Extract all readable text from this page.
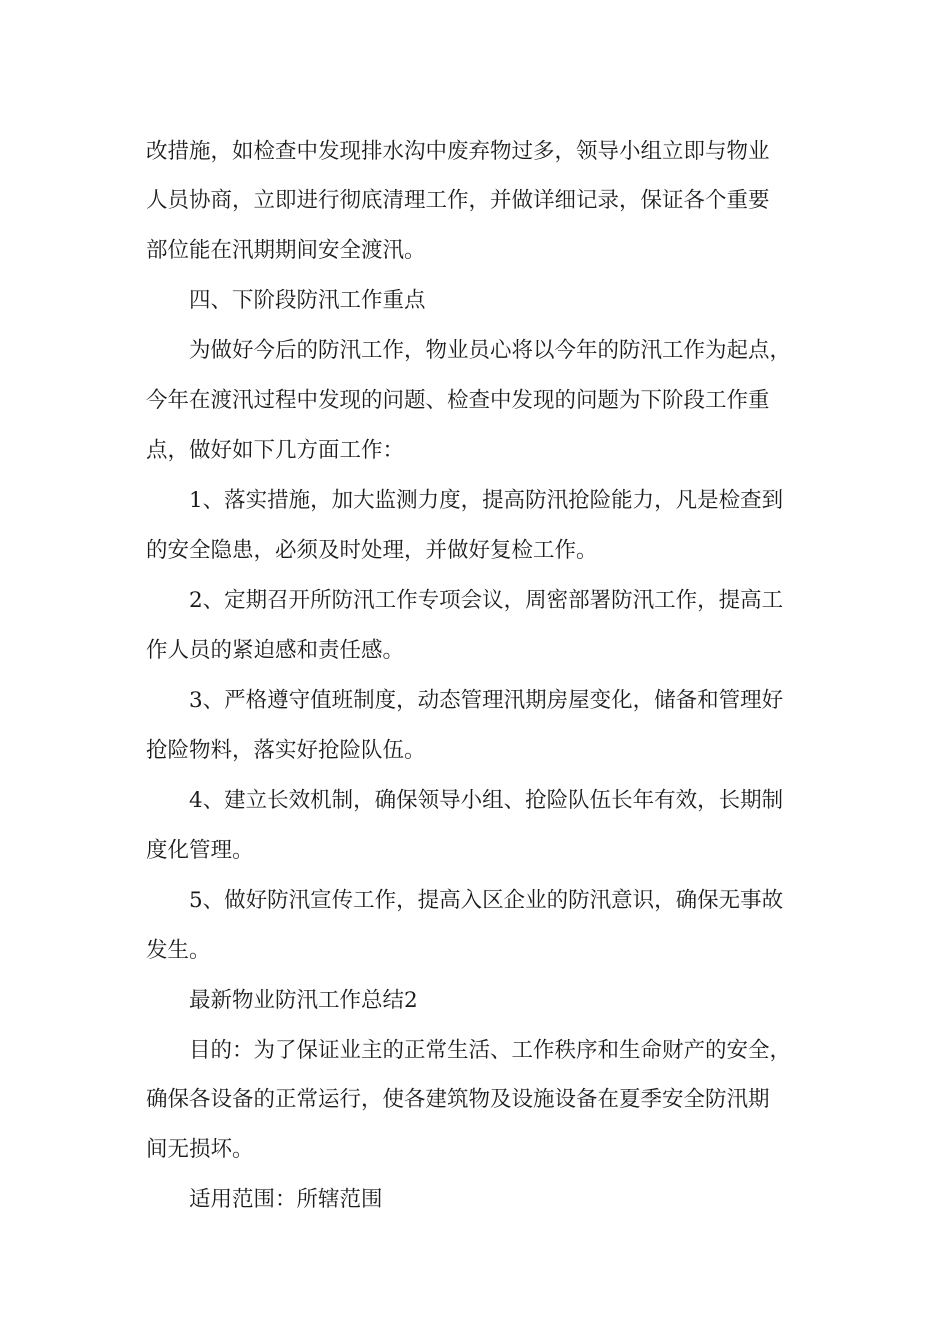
改措施，如检查中发现排水沟中废弃物过多，领导小组立即与物业
人员协商，立即进行彻底清理工作，并做详细记录，保证各个重要
部位能在汛期期间安全渡汛。
四、下阶段防汛工作重点
为做好今后的防汛工作，物业员心将以今年的防汛工作为起点，
今年在渡汛过程中发现的问题、检查中发现的问题为下阶段工作重
点，做好如下几方面工作：
1、落实措施，加大监测力度，提高防汛抢险能力，凡是检查到
的安全隐患，必须及时处理，并做好复检工作。
2、定期召开所防汛工作专项会议，周密部署防汛工作，提高工
作人员的紧迫感和责任感。
3、严格遵守值班制度，动态管理汛期房屋变化，储备和管理好
抢险物料，落实好抢险队伍。
4、建立长效机制，确保领导小组、抢险队伍长年有效，长期制
度化管理。
5、做好防汛宣传工作，提高入区企业的防汛意识，确保无事故
发生。
最新物业防汛工作总结2
目的：为了保证业主的正常生活、工作秩序和生命财产的安全，
确保各设备的正常运行，使各建筑物及设施设备在夏季安全防汛期
间无损坏。
适用范围：所辖范围
